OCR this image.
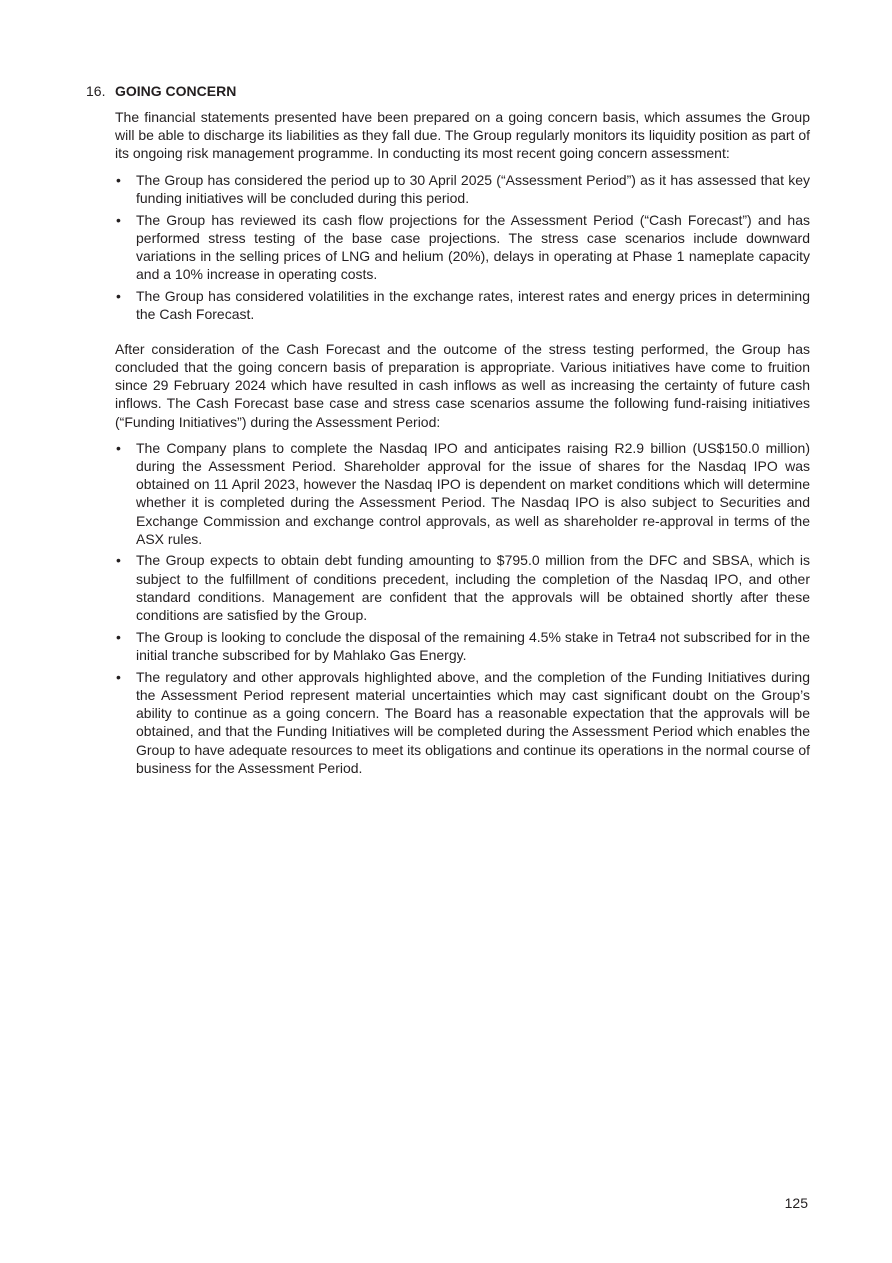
16. GOING CONCERN

The financial statements presented have been prepared on a going concern basis, which assumes the Group will be able to discharge its liabilities as they fall due. The Group regularly monitors its liquidity position as part of its ongoing risk management programme. In conducting its most recent going concern assessment:

• The Group has considered the period up to 30 April 2025 (“Assessment Period”) as it has assessed that key funding initiatives will be concluded during this period.
• The Group has reviewed its cash flow projections for the Assessment Period (“Cash Forecast”) and has performed stress testing of the base case projections. The stress case scenarios include downward variations in the selling prices of LNG and helium (20%), delays in operating at Phase 1 nameplate capacity and a 10% increase in operating costs.
• The Group has considered volatilities in the exchange rates, interest rates and energy prices in determining the Cash Forecast.

After consideration of the Cash Forecast and the outcome of the stress testing performed, the Group has concluded that the going concern basis of preparation is appropriate. Various initiatives have come to fruition since 29 February 2024 which have resulted in cash inflows as well as increasing the certainty of future cash inflows. The Cash Forecast base case and stress case scenarios assume the following fund-raising initiatives (“Funding Initiatives”) during the Assessment Period:

• The Company plans to complete the Nasdaq IPO and anticipates raising R2.9 billion (US$150.0 million) during the Assessment Period. Shareholder approval for the issue of shares for the Nasdaq IPO was obtained on 11 April 2023, however the Nasdaq IPO is dependent on market conditions which will determine whether it is completed during the Assessment Period. The Nasdaq IPO is also subject to Securities and Exchange Commission and exchange control approvals, as well as shareholder re-approval in terms of the ASX rules.
• The Group expects to obtain debt funding amounting to $795.0 million from the DFC and SBSA, which is subject to the fulfillment of conditions precedent, including the completion of the Nasdaq IPO, and other standard conditions. Management are confident that the approvals will be obtained shortly after these conditions are satisfied by the Group.
• The Group is looking to conclude the disposal of the remaining 4.5% stake in Tetra4 not subscribed for in the initial tranche subscribed for by Mahlako Gas Energy.
• The regulatory and other approvals highlighted above, and the completion of the Funding Initiatives during the Assessment Period represent material uncertainties which may cast significant doubt on the Group’s ability to continue as a going concern. The Board has a reasonable expectation that the approvals will be obtained, and that the Funding Initiatives will be completed during the Assessment Period which enables the Group to have adequate resources to meet its obligations and continue its operations in the normal course of business for the Assessment Period.
125
